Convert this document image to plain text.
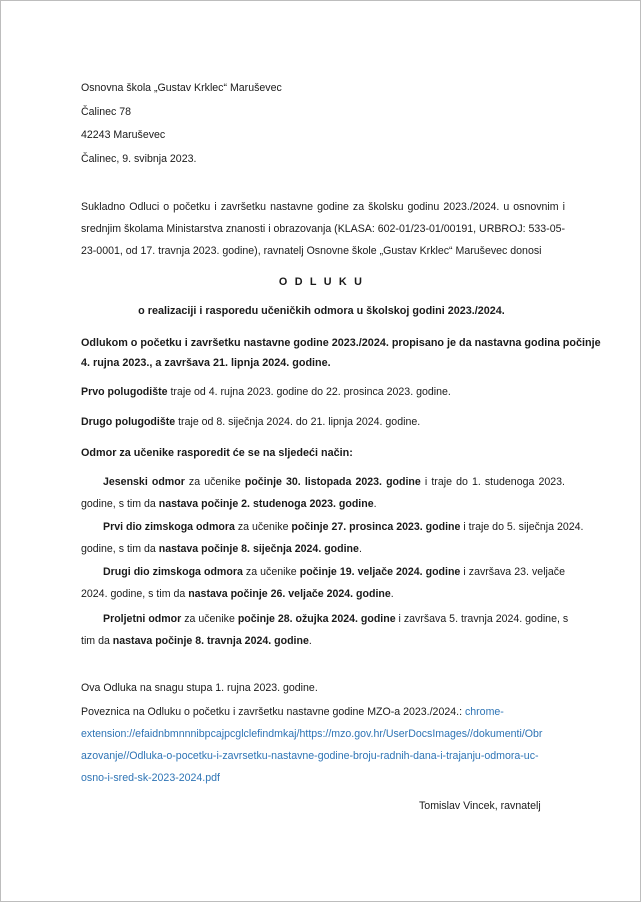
Osnovna škola „Gustav Krklec“ Maruševec
Čalinec 78
42243 Maruševec
Čalinec, 9. svibnja 2023.
Sukladno Odluci o početku i završetku nastavne godine za školsku godinu 2023./2024. u osnovnim i
srednjim školama Ministarstva znanosti i obrazovanja (KLASA: 602-01/23-01/00191, URBROJ: 533-05-
23-0001, od 17. travnja 2023. godine), ravnatelj Osnovne škole „Gustav Krklec“ Maruševec donosi
O D L U K U
o realizaciji i rasporedu učeničkih odmora u školskoj godini 2023./2024.
Odlukom o početku i završetku nastavne godine 2023./2024. propisano je da nastavna godina počinje
4. rujna 2023., a završava 21. lipnja 2024. godine.
Prvo polugodište traje od 4. rujna 2023. godine do 22. prosinca 2023. godine.
Drugo polugodište traje od 8. siječnja 2024. do 21. lipnja 2024. godine.
Odmor za učenike rasporedit će se na sljedeći način:
Jesenski odmor za učenike počinje 30. listopada 2023. godine i traje do 1. studenoga 2023.
godine, s tim da nastava počinje 2. studenoga 2023. godine.
Prvi dio zimskoga odmora za učenike počinje 27. prosinca 2023. godine i traje do 5. siječnja 2024.
godine, s tim da nastava počinje 8. siječnja 2024. godine.
Drugi dio zimskoga odmora za učenike počinje 19. veljače 2024. godine i završava 23. veljače
2024. godine, s tim da nastava počinje 26. veljače 2024. godine.
Proljetni odmor za učenike počinje 28. ožujka 2024. godine i završava 5. travnja 2024. godine, s
tim da nastava počinje 8. travnja 2024. godine.
Ova Odluka na snagu stupa 1. rujna 2023. godine.
Poveznica na Odluku o početku i završetku nastavne godine MZO-a 2023./2024.: chrome-
extension://efaidnbmnnnibpcajpcglclefindmkaj/https://mzo.gov.hr/UserDocsImages//dokumenti/Obr
azovanje//Odluka-o-pocetku-i-zavrsetku-nastavne-godine-broju-radnih-dana-i-trajanju-odmora-uc-
osno-i-sred-sk-2023-2024.pdf
Tomislav Vincek, ravnatelj
